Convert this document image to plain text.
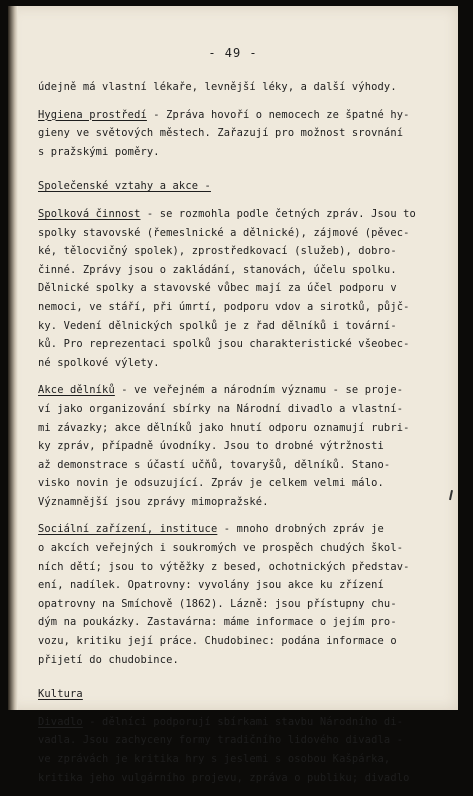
- 49 -
údejně má vlastní lékaře, levnější léky, a další výhody.
Hygiena prostředí - Zpráva hovoří o nemocech ze špatné hy-
gieny ve světových městech. Zařazují pro možnost srovnání
s pražskými poměry.
Společenské vztahy a akce -
Spolková činnost - se rozmohla podle četných zpráv. Jsou to
spolky stavovské (řemeslnické a dělnické), zájmové (pěvec-
ké, tělocvičný spolek), zprostředkovací (služeb), dobro-
činné. Zprávy jsou o zakládání, stanovách, účelu spolku.
Dělnické spolky a stavovské vůbec mají za účel podporu v
nemoci, ve stáří, při úmrtí, podporu vdov a sirotků, půjč-
ky. Vedení dělnických spolků je z řad dělníků i tovární-
ků. Pro reprezentaci spolků jsou charakteristické všeobec-
né spolkové výlety.
Akce dělníků - ve veřejném a národním významu - se proje-
ví jako organizování sbírky na Národní divadlo a vlastní-
mi závazky; akce dělníků jako hnutí odporu oznamují rubri-
ky zpráv, případně úvodníky. Jsou to drobné výtržnosti
až demonstrace s účastí učňů, tovaryšů, dělníků. Stano-
visko novin je odsuzující. Zpráv je celkem velmi málo.
Významnější jsou zprávy mimopražské.
Sociální zařízení, instituce - mnoho drobných zpráv je
o akcích veřejných i soukromých ve prospěch chudých škol-
ních dětí; jsou to výtěžky z besed, ochotnických představ-
ení, nadílek. Opatrovny: vyvolány jsou akce ku zřízení
opatrovny na Smíchově (1862). Lázně: jsou přístupny chu-
dým na poukázky. Zastavárna: máme informace o jejím pro-
vozu, kritiku její práce. Chudobinec: podána informace o
přijetí do chudobince.
Kultura
Divadlo - dělníci podporují sbírkami stavbu Národního di-
vadla. Jsou zachyceny formy tradičního lidového divadla -
ve zprávách je kritika hry s jeslemi s osobou Kašpárka,
kritika jeho vulgárního projevu, zpráva o publiku; divadlo
